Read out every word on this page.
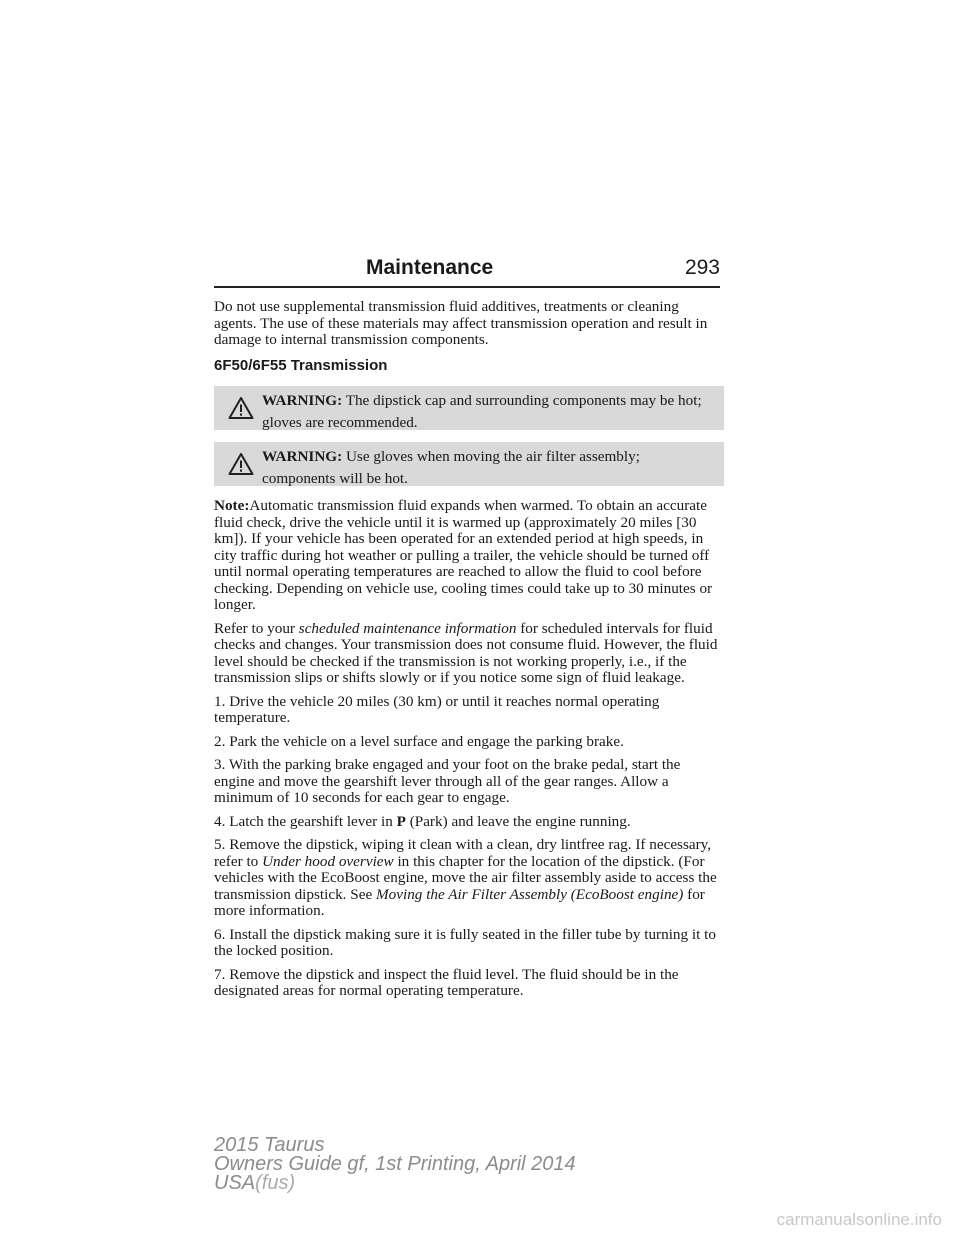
Maintenance	293

Do not use supplemental transmission fluid additives, treatments or cleaning agents. The use of these materials may affect transmission operation and result in damage to internal transmission components.

6F50/6F55 Transmission
WARNING: The dipstick cap and surrounding components may be hot; gloves are recommended.
WARNING: Use gloves when moving the air filter assembly; components will be hot.

Note:Automatic transmission fluid expands when warmed. To obtain an accurate fluid check, drive the vehicle until it is warmed up (approximately 20 miles [30 km]). If your vehicle has been operated for an extended period at high speeds, in city traffic during hot weather or pulling a trailer, the vehicle should be turned off until normal operating temperatures are reached to allow the fluid to cool before checking. Depending on vehicle use, cooling times could take up to 30 minutes or longer.

Refer to your scheduled maintenance information for scheduled intervals for fluid checks and changes. Your transmission does not consume fluid. However, the fluid level should be checked if the transmission is not working properly, i.e., if the transmission slips or shifts slowly or if you notice some sign of fluid leakage.

1. Drive the vehicle 20 miles (30 km) or until it reaches normal operating temperature.

2. Park the vehicle on a level surface and engage the parking brake.

3. With the parking brake engaged and your foot on the brake pedal, start the engine and move the gearshift lever through all of the gear ranges. Allow a minimum of 10 seconds for each gear to engage.

4. Latch the gearshift lever in P (Park) and leave the engine running.

5. Remove the dipstick, wiping it clean with a clean, dry lintfree rag. If necessary, refer to Under hood overview in this chapter for the location of the dipstick. (For vehicles with the EcoBoost engine, move the air filter assembly aside to access the transmission dipstick. See Moving the Air Filter Assembly (EcoBoost engine) for more information.

6. Install the dipstick making sure it is fully seated in the filler tube by turning it to the locked position.

7. Remove the dipstick and inspect the fluid level. The fluid should be in the designated areas for normal operating temperature.

2015 Taurus
Owners Guide gf, 1st Printing, April 2014
USA(fus)
carmanualsonline.info
